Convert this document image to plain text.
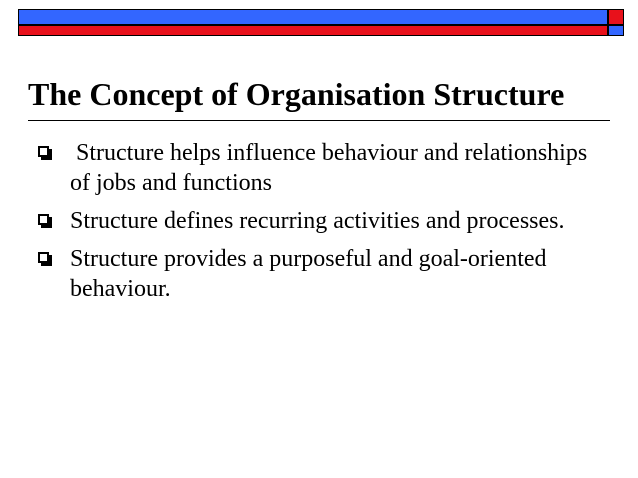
The Concept of Organisation Structure
Structure helps influence behaviour and relationships of jobs and functions
Structure defines recurring activities and processes.
Structure provides a purposeful and goal-oriented behaviour.
